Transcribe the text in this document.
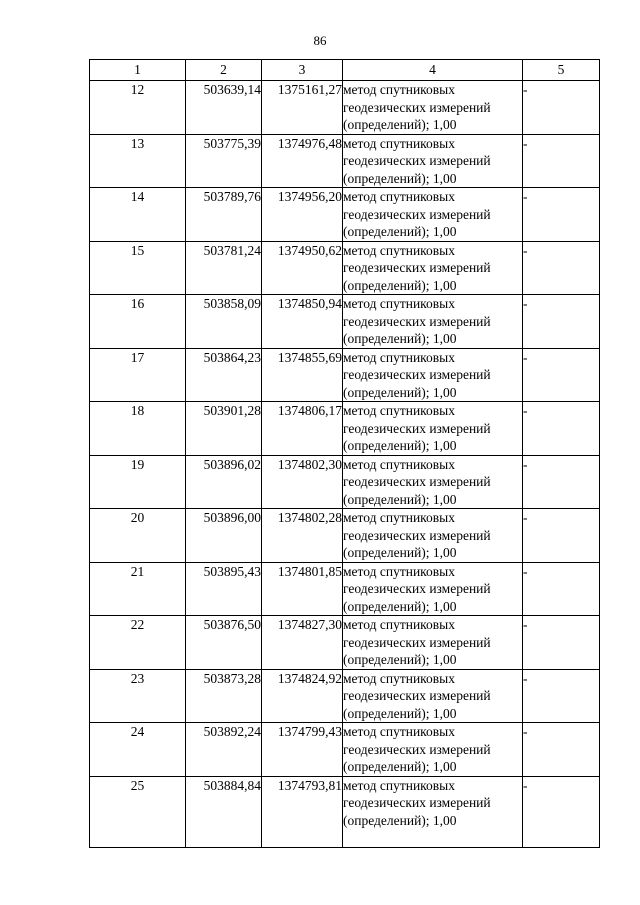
86
1	2	3	4	5
12	503639,14	1375161,27	метод спутниковых
геодезических измерений
(определений); 1,00	-
13	503775,39	1374976,48	метод спутниковых
геодезических измерений
(определений); 1,00	-
14	503789,76	1374956,20	метод спутниковых
геодезических измерений
(определений); 1,00	-
15	503781,24	1374950,62	метод спутниковых
геодезических измерений
(определений); 1,00	-
16	503858,09	1374850,94	метод спутниковых
геодезических измерений
(определений); 1,00	-
17	503864,23	1374855,69	метод спутниковых
геодезических измерений
(определений); 1,00	-
18	503901,28	1374806,17	метод спутниковых
геодезических измерений
(определений); 1,00	-
19	503896,02	1374802,30	метод спутниковых
геодезических измерений
(определений); 1,00	-
20	503896,00	1374802,28	метод спутниковых
геодезических измерений
(определений); 1,00	-
21	503895,43	1374801,85	метод спутниковых
геодезических измерений
(определений); 1,00	-
22	503876,50	1374827,30	метод спутниковых
геодезических измерений
(определений); 1,00	-
23	503873,28	1374824,92	метод спутниковых
геодезических измерений
(определений); 1,00	-
24	503892,24	1374799,43	метод спутниковых
геодезических измерений
(определений); 1,00	-
25	503884,84	1374793,81	метод спутниковых
геодезических измерений
(определений); 1,00	-
